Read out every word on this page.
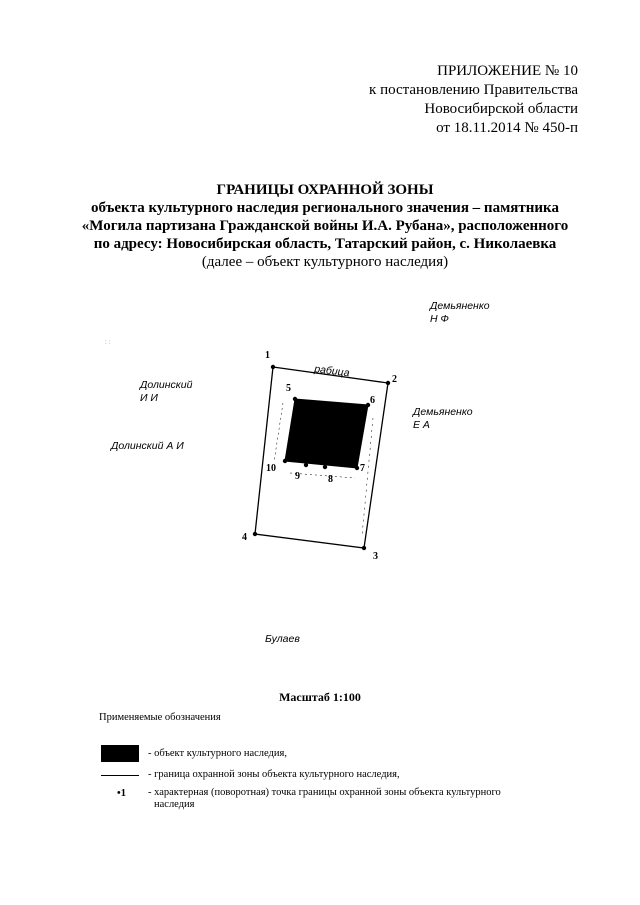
ПРИЛОЖЕНИЕ № 10
к постановлению Правительства
Новосибирской области
от 18.11.2014 № 450-п
ГРАНИЦЫ ОХРАННОЙ ЗОНЫ
объекта культурного наследия регионального значения – памятника
«Могила партизана Гражданской войны И.А. Рубана», расположенного
по адресу: Новосибирская область, Татарский район, с. Николаевка
(далее – объект культурного наследия)
1
2
3
4
5
6
7
8
9
10
рабица
: :
Демьяненко
Н Ф
Долинский
И И
Долинский А И
Демьяненко
Е А
Булаев
Масштаб 1:100
Применяемые обозначения
- объект культурного наследия,
- граница охранной зоны объекта культурного наследия,
•1 - характерная (поворотная) точка границы охранной зоны объекта культурного
наследия
